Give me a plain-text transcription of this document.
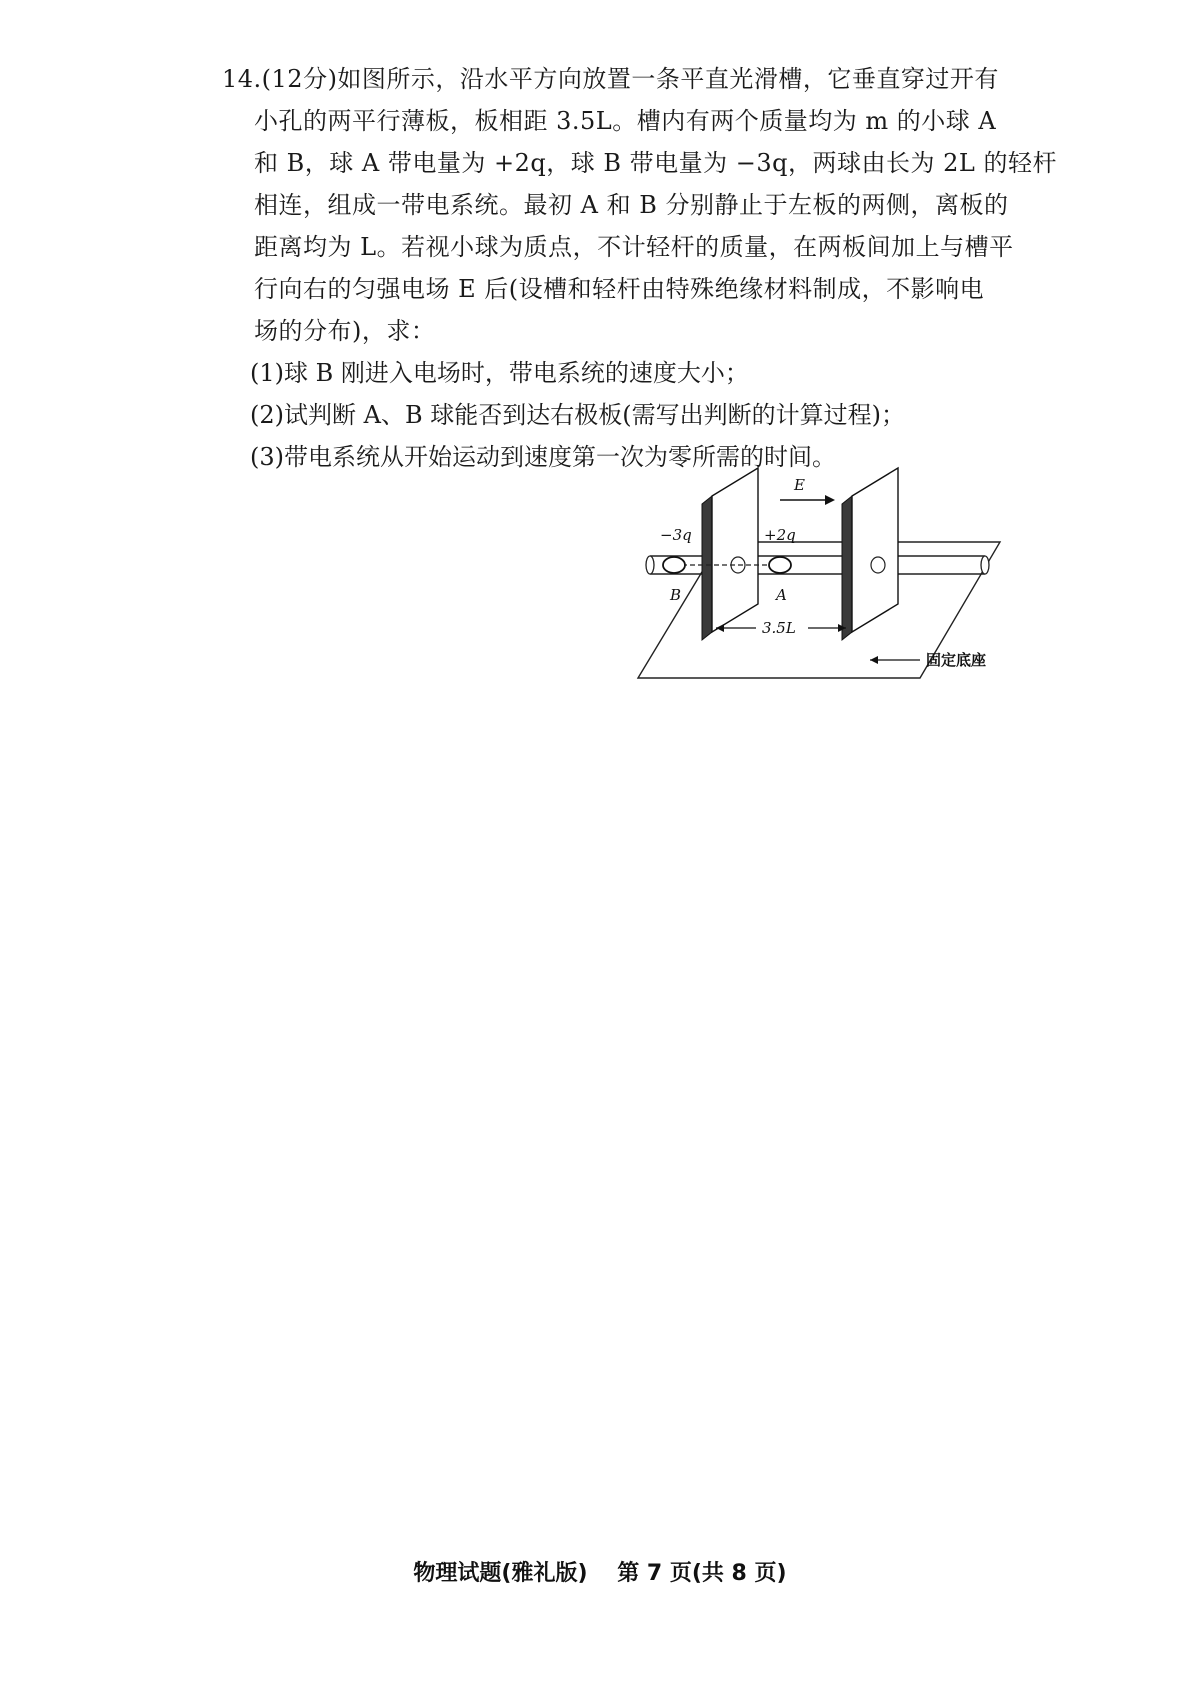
14.(12分)如图所示，沿水平方向放置一条平直光滑槽，它垂直穿过开有
小孔的两平行薄板，板相距 3.5L。槽内有两个质量均为 m 的小球 A
和 B，球 A 带电量为 +2q，球 B 带电量为 −3q，两球由长为 2L 的轻杆
相连，组成一带电系统。最初 A 和 B 分别静止于左板的两侧，离板的
距离均为 L。若视小球为质点，不计轻杆的质量，在两板间加上与槽平
行向右的匀强电场 E 后(设槽和轻杆由特殊绝缘材料制成，不影响电
场的分布)，求：
(1)球 B 刚进入电场时，带电系统的速度大小；
(2)试判断 A、B 球能否到达右极板(需写出判断的计算过程)；
(3)带电系统从开始运动到速度第一次为零所需的时间。
E
−3q	+2q
B	A
3.5L
固定底座
物理试题(雅礼版) 第 7 页(共 8 页)
